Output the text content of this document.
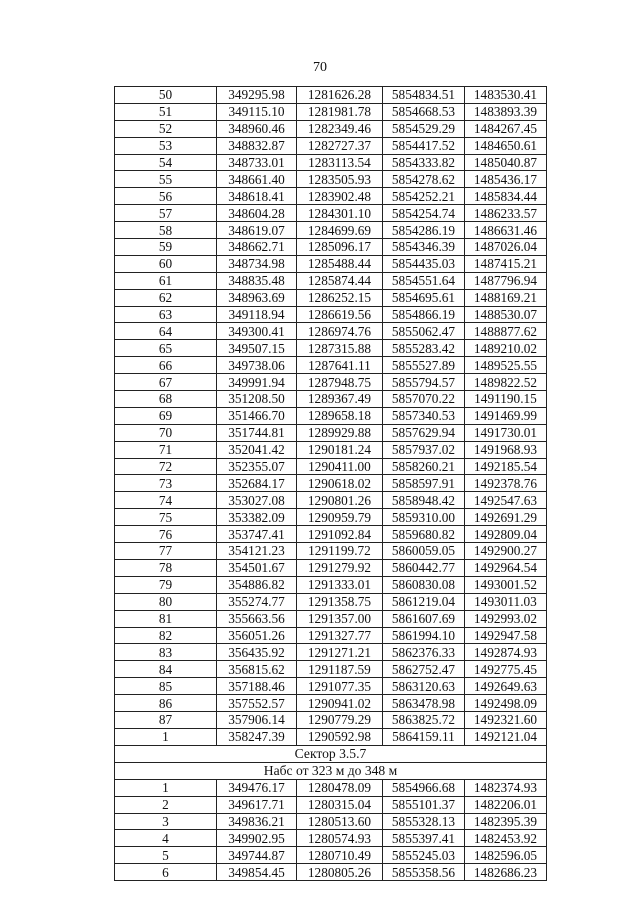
70
50	349295.98	1281626.28	5854834.51	1483530.41
51	349115.10	1281981.78	5854668.53	1483893.39
52	348960.46	1282349.46	5854529.29	1484267.45
53	348832.87	1282727.37	5854417.52	1484650.61
54	348733.01	1283113.54	5854333.82	1485040.87
55	348661.40	1283505.93	5854278.62	1485436.17
56	348618.41	1283902.48	5854252.21	1485834.44
57	348604.28	1284301.10	5854254.74	1486233.57
58	348619.07	1284699.69	5854286.19	1486631.46
59	348662.71	1285096.17	5854346.39	1487026.04
60	348734.98	1285488.44	5854435.03	1487415.21
61	348835.48	1285874.44	5854551.64	1487796.94
62	348963.69	1286252.15	5854695.61	1488169.21
63	349118.94	1286619.56	5854866.19	1488530.07
64	349300.41	1286974.76	5855062.47	1488877.62
65	349507.15	1287315.88	5855283.42	1489210.02
66	349738.06	1287641.11	5855527.89	1489525.55
67	349991.94	1287948.75	5855794.57	1489822.52
68	351208.50	1289367.49	5857070.22	1491190.15
69	351466.70	1289658.18	5857340.53	1491469.99
70	351744.81	1289929.88	5857629.94	1491730.01
71	352041.42	1290181.24	5857937.02	1491968.93
72	352355.07	1290411.00	5858260.21	1492185.54
73	352684.17	1290618.02	5858597.91	1492378.76
74	353027.08	1290801.26	5858948.42	1492547.63
75	353382.09	1290959.79	5859310.00	1492691.29
76	353747.41	1291092.84	5859680.82	1492809.04
77	354121.23	1291199.72	5860059.05	1492900.27
78	354501.67	1291279.92	5860442.77	1492964.54
79	354886.82	1291333.01	5860830.08	1493001.52
80	355274.77	1291358.75	5861219.04	1493011.03
81	355663.56	1291357.00	5861607.69	1492993.02
82	356051.26	1291327.77	5861994.10	1492947.58
83	356435.92	1291271.21	5862376.33	1492874.93
84	356815.62	1291187.59	5862752.47	1492775.45
85	357188.46	1291077.35	5863120.63	1492649.63
86	357552.57	1290941.02	5863478.98	1492498.09
87	357906.14	1290779.29	5863825.72	1492321.60
1	358247.39	1290592.98	5864159.11	1492121.04
Сектор 3.5.7				
Набс от 323 м до 348 м				
1	349476.17	1280478.09	5854966.68	1482374.93
2	349617.71	1280315.04	5855101.37	1482206.01
3	349836.21	1280513.60	5855328.13	1482395.39
4	349902.95	1280574.93	5855397.41	1482453.92
5	349744.87	1280710.49	5855245.03	1482596.05
6	349854.45	1280805.26	5855358.56	1482686.23
